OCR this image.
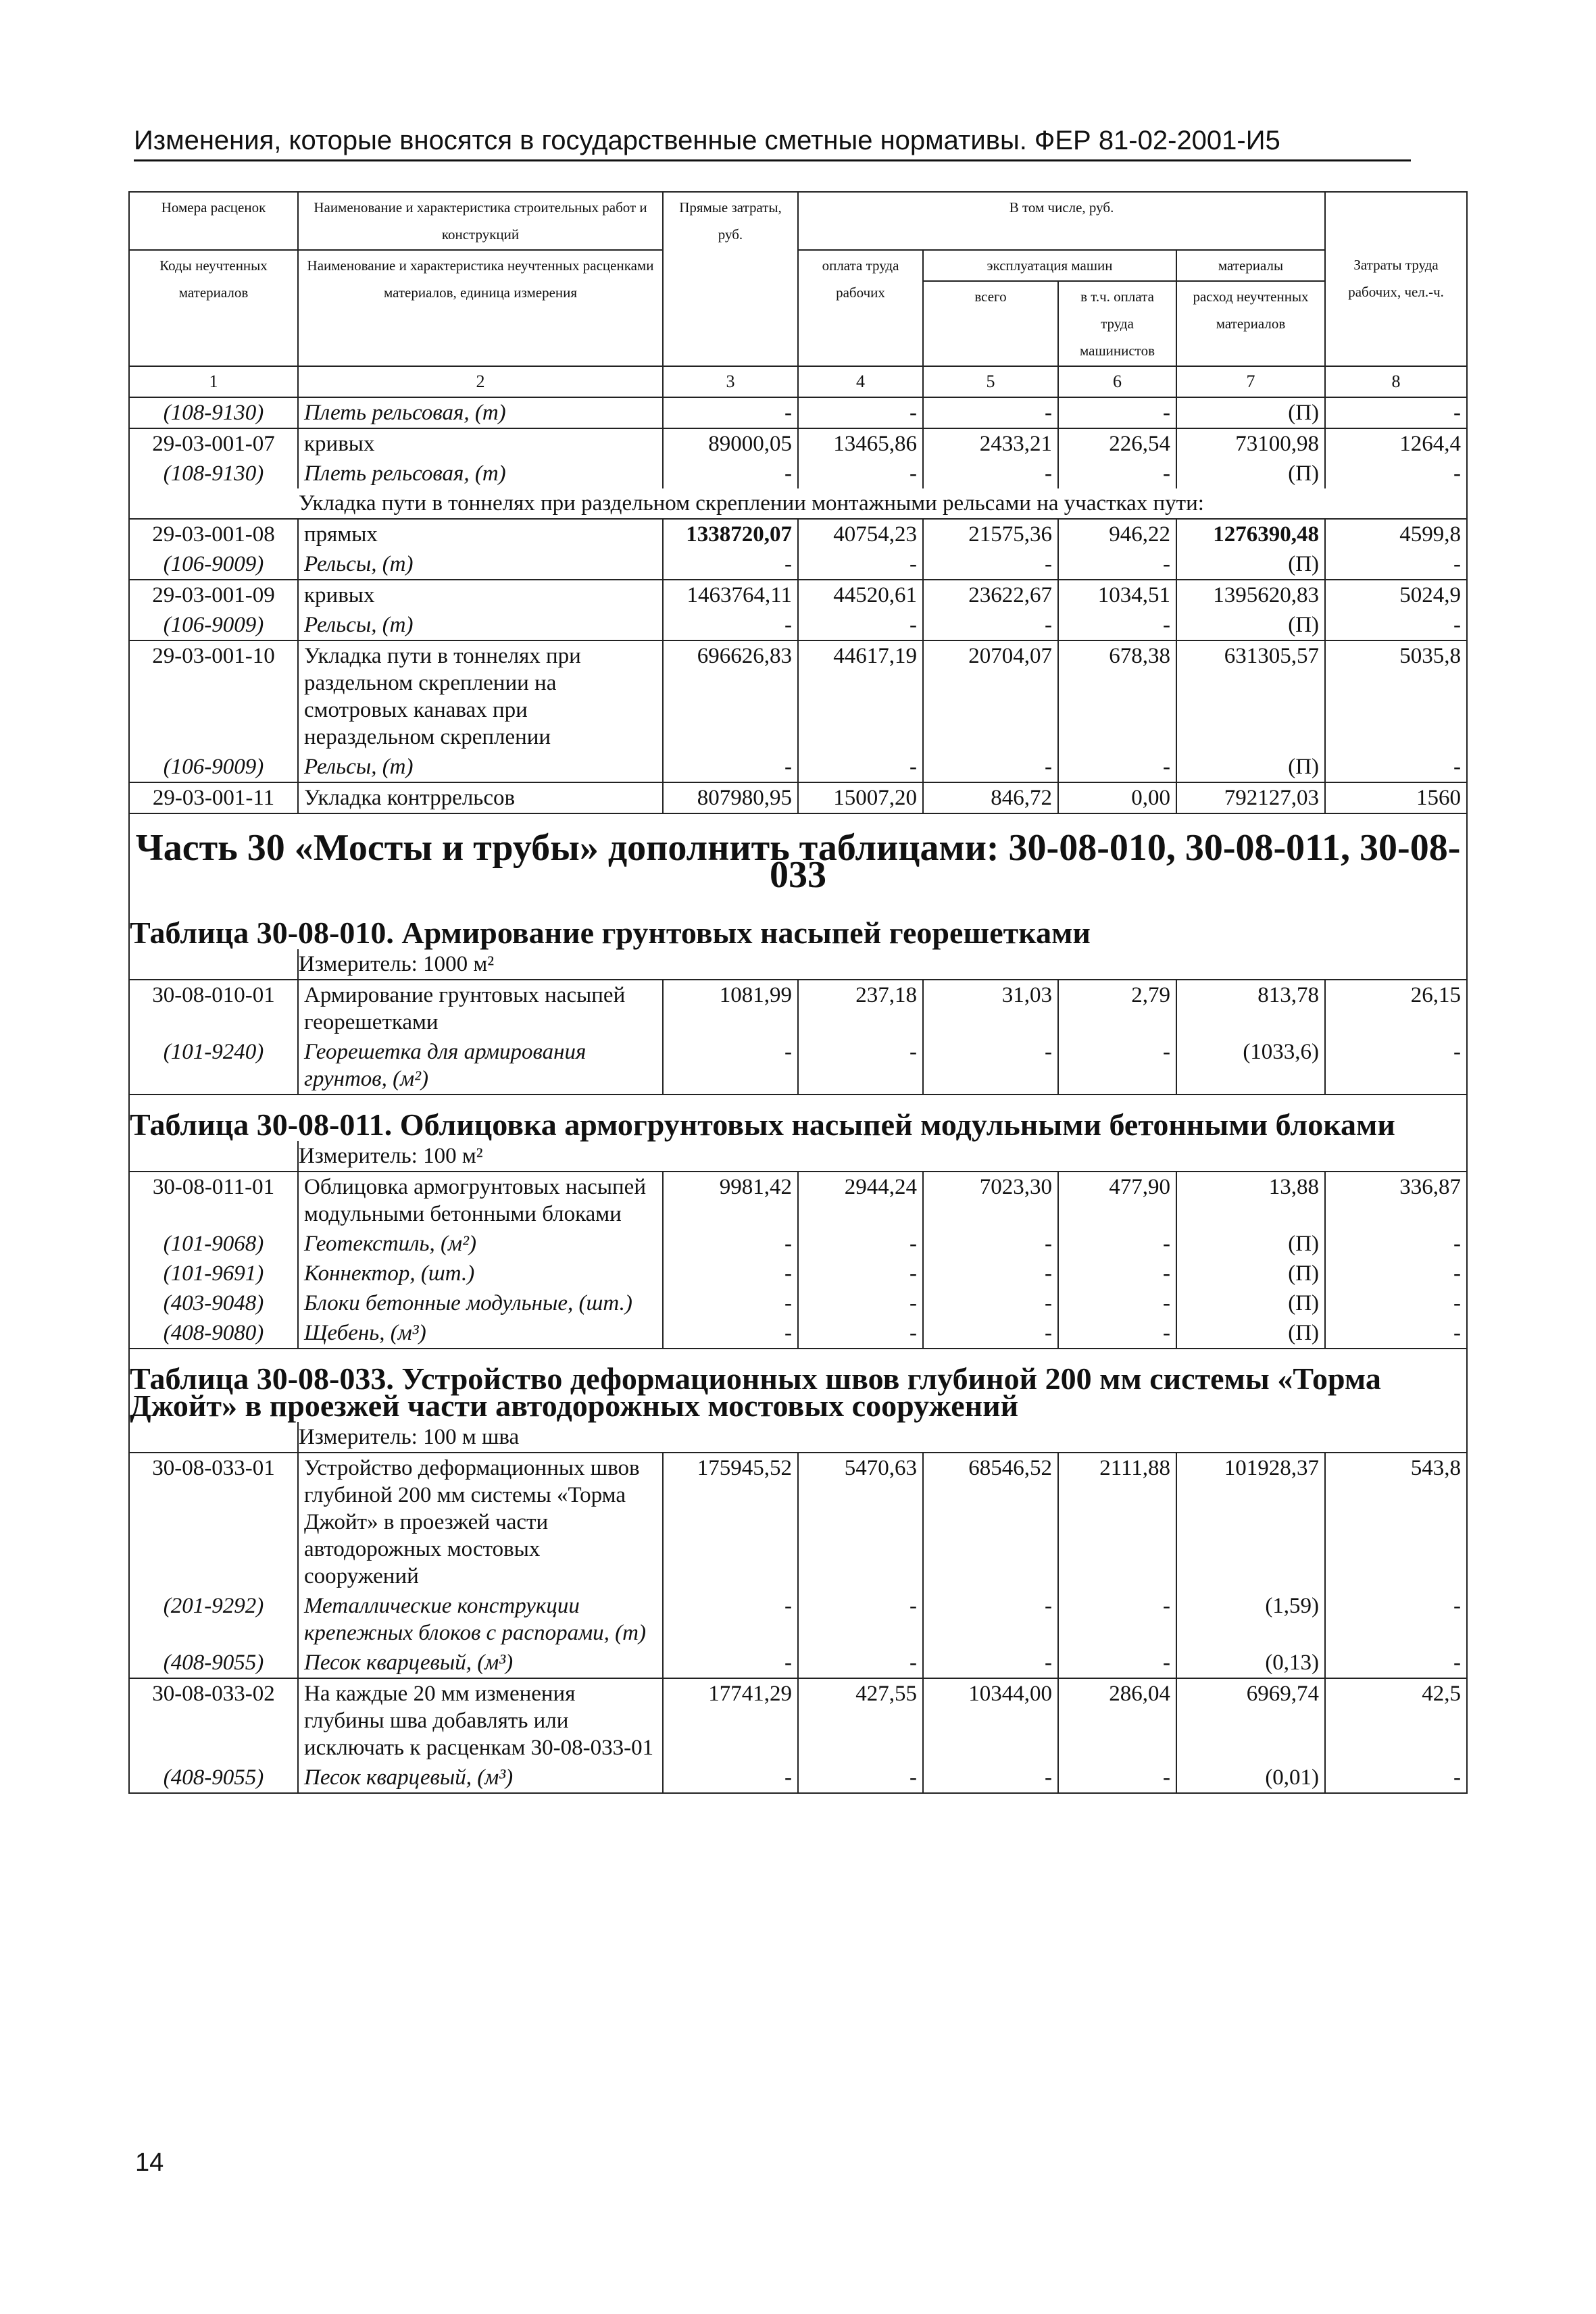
Изменения, которые вносятся в государственные сметные нормативы. ФЕР 81-02-2001-И5
Номера расценок	Наименование и характеристика строительных работ и конструкций	Прямые затраты, руб.	В том числе, руб.				
Коды неучтенных материалов	Наименование и характеристика неучтенных расценками материалов, единица измерения		оплата труда рабочих	эксплуатация машин		материалы	Затраты труда рабочих, чел.-ч.
				всего	в т.ч. оплата труда машинистов	расход неучтенных материалов	
1	2	3	4	5	6	7	8
(108-9130)	Плеть рельсовая, (т)	-	-	-	-	(П)	-
29-03-001-07	кривых	89000,05	13465,86	2433,21	226,54	73100,98	1264,4
(108-9130)	Плеть рельсовая, (т)	-	-	-	-	(П)	-
Укладка пути в тоннелях при раздельном скреплении монтажными рельсами на участках пути:							
29-03-001-08	прямых	1338720,07	40754,23	21575,36	946,22	1276390,48	4599,8
(106-9009)	Рельсы, (т)	-	-	-	-	(П)	-
29-03-001-09	кривых	1463764,11	44520,61	23622,67	1034,51	1395620,83	5024,9
(106-9009)	Рельсы, (т)	-	-	-	-	(П)	-
29-03-001-10	Укладка пути в тоннелях при раздельном скреплении на смотровых канавах при нераздельном скреплении	696626,83	44617,19	20704,07	678,38	631305,57	5035,8
(106-9009)	Рельсы, (т)	-	-	-	-	(П)	-
29-03-001-11	Укладка контррельсов	807980,95	15007,20	846,72	0,00	792127,03	1560
Часть 30 «Мосты и трубы» дополнить таблицами: 30-08-010, 30-08-011, 30-08-033							
Таблица 30-08-010. Армирование грунтовых насыпей георешетками							
	Измеритель: 1000 м²						
30-08-010-01	Армирование грунтовых насыпей георешетками	1081,99	237,18	31,03	2,79	813,78	26,15
(101-9240)	Георешетка для армирования грунтов, (м²)	-	-	-	-	(1033,6)	-
Таблица 30-08-011. Облицовка армогрунтовых насыпей модульными бетонными блоками							
	Измеритель: 100 м²						
30-08-011-01	Облицовка армогрунтовых насыпей модульными бетонными блоками	9981,42	2944,24	7023,30	477,90	13,88	336,87
(101-9068)	Геотекстиль, (м²)	-	-	-	-	(П)	-
(101-9691)	Коннектор, (шт.)	-	-	-	-	(П)	-
(403-9048)	Блоки бетонные модульные, (шт.)	-	-	-	-	(П)	-
(408-9080)	Щебень, (м³)	-	-	-	-	(П)	-
Таблица 30-08-033. Устройство деформационных швов глубиной 200 мм системы «Торма Джойт» в проезжей части автодорожных мостовых сооружений							
	Измеритель: 100 м шва						
30-08-033-01	Устройство деформационных швов глубиной 200 мм системы «Торма Джойт» в проезжей части автодорожных мостовых сооружений	175945,52	5470,63	68546,52	2111,88	101928,37	543,8
(201-9292)	Металлические конструкции крепежных блоков с распорами, (т)	-	-	-	-	(1,59)	-
(408-9055)	Песок кварцевый, (м³)	-	-	-	-	(0,13)	-
30-08-033-02	На каждые 20 мм изменения глубины шва добавлять или исключать к расценкам 30-08-033-01	17741,29	427,55	10344,00	286,04	6969,74	42,5
(408-9055)	Песок кварцевый, (м³)	-	-	-	-	(0,01)	-
14
